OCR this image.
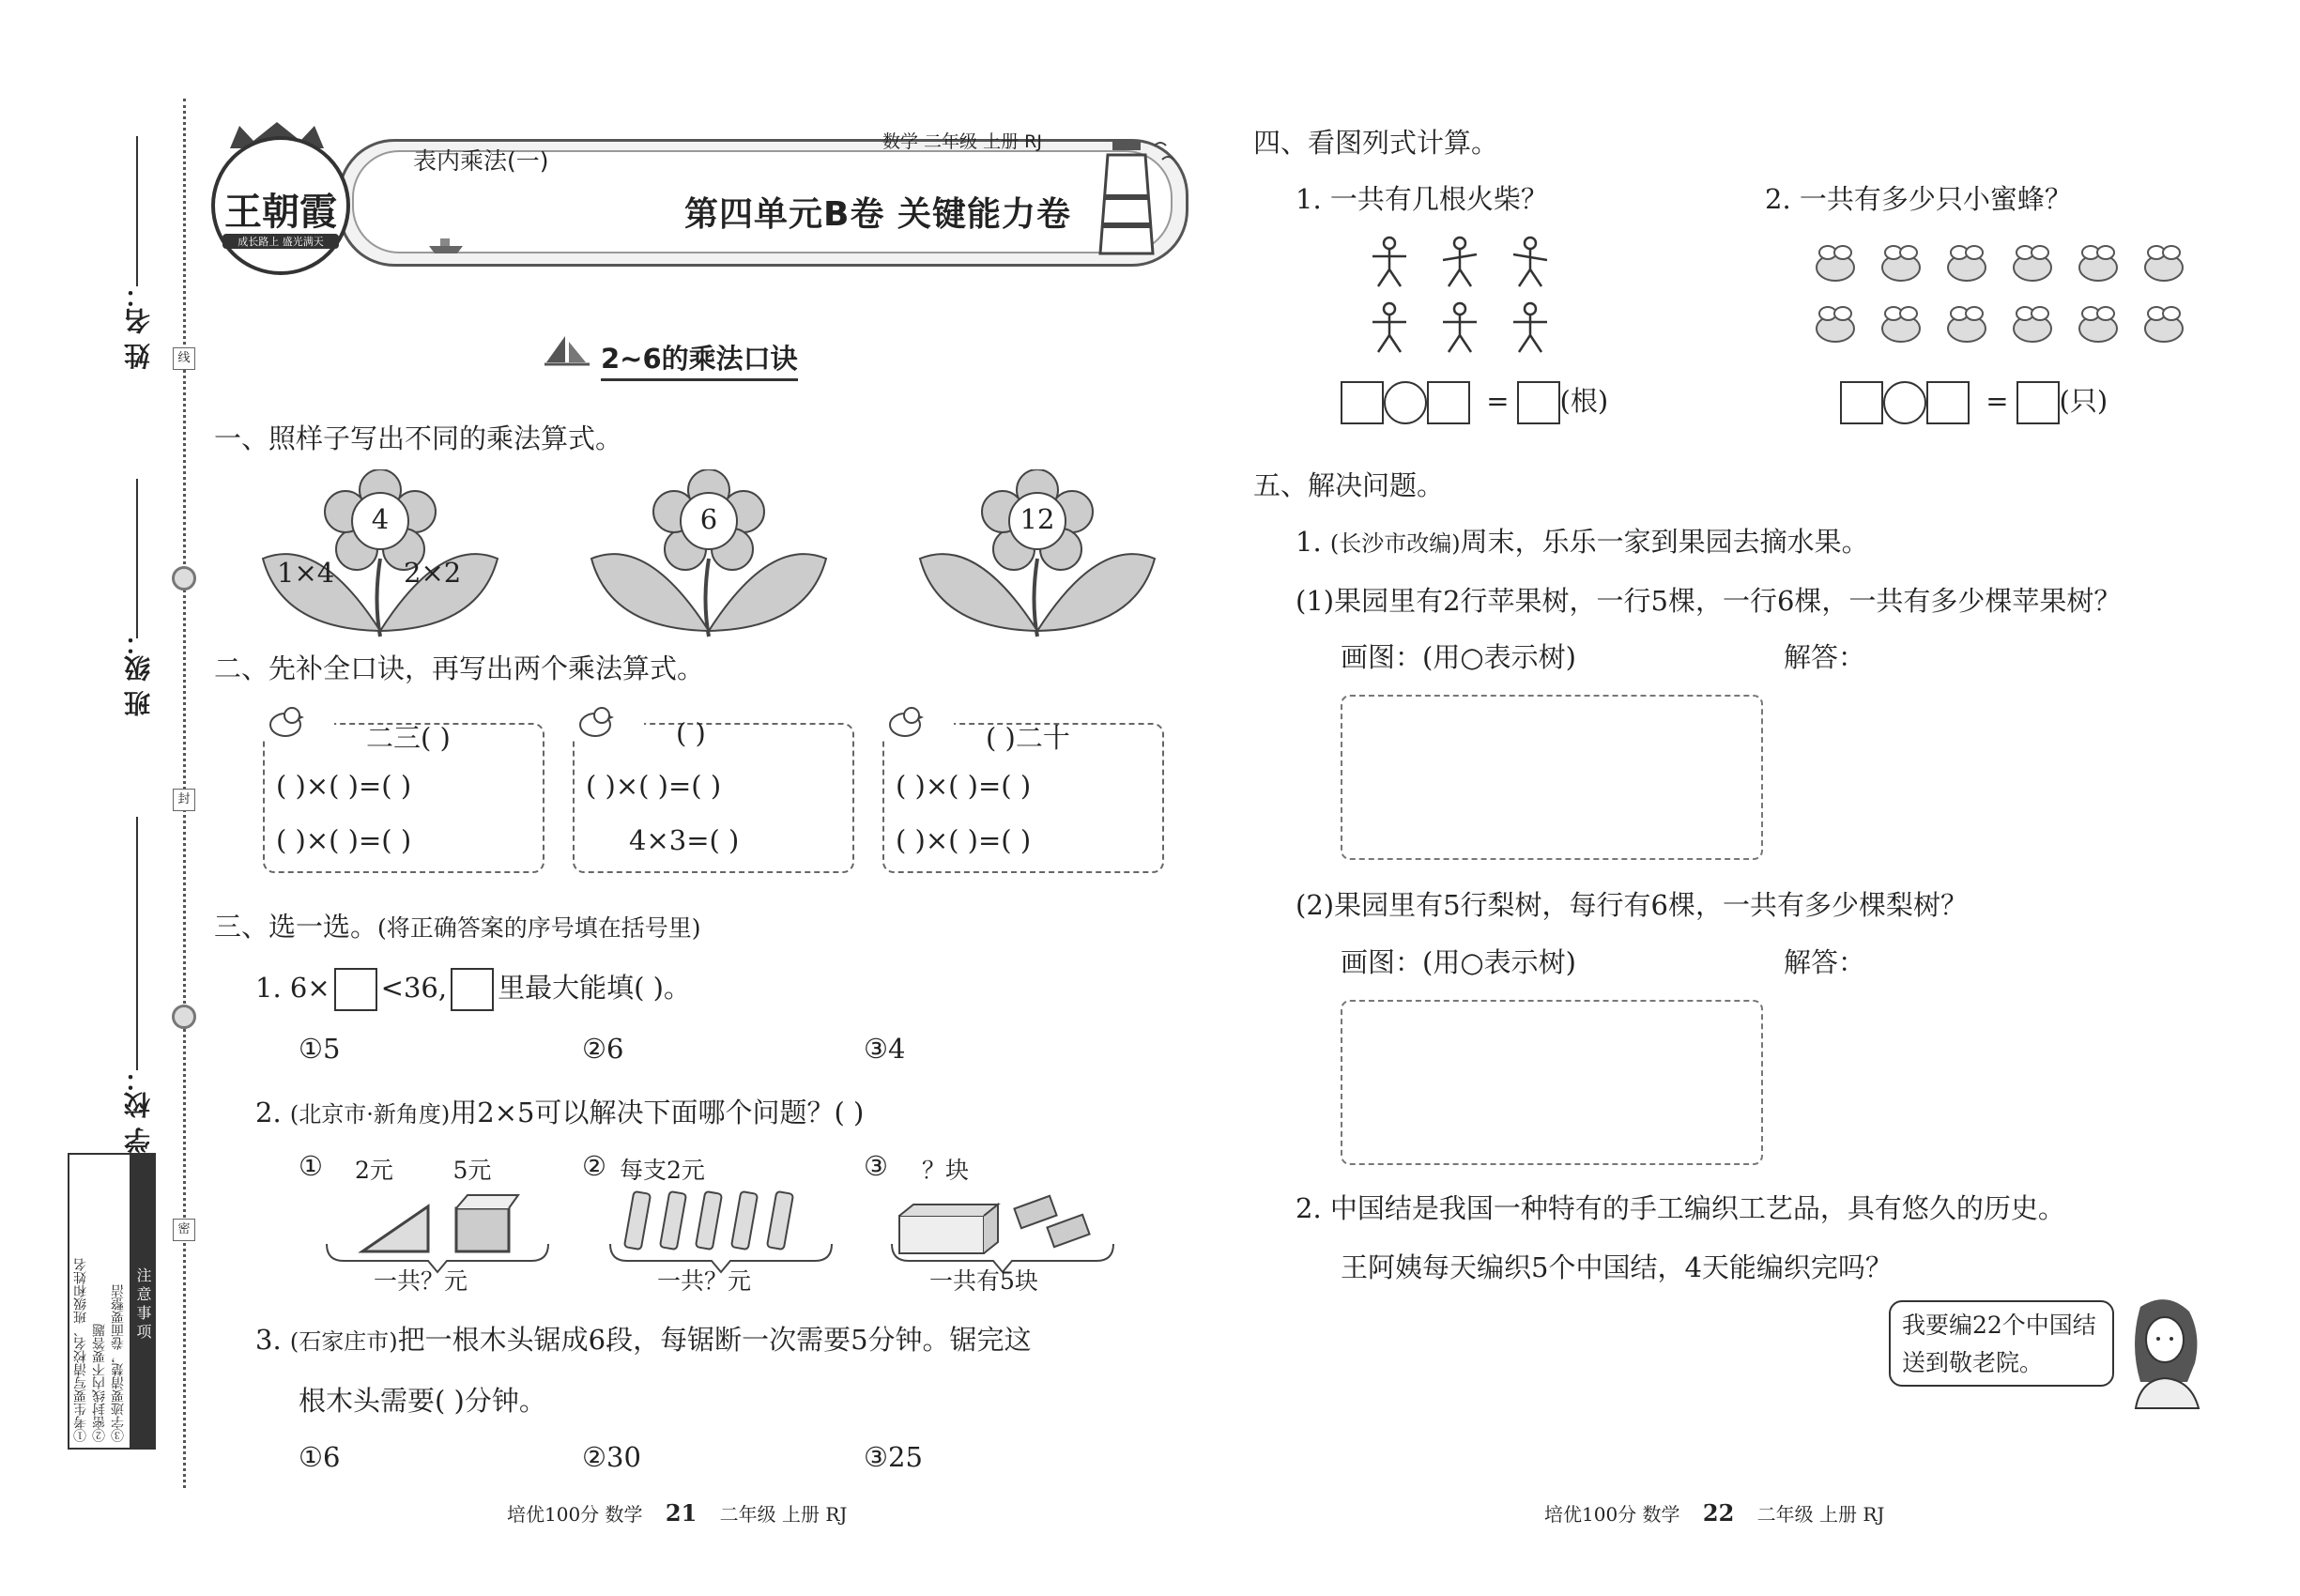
线
封
密
姓 名：
班 级：
学 校：
注意事项
①考生要写清校名、班级和姓名 ②密封线内不要答题 ③字迹要清楚，卷面要整洁
王朝霞
成长路上 盛光满天
表内乘法(一)
数学 二年级 上册 RJ
第四单元B卷 关键能力卷
2~6的乘法口诀
一、照样子写出不同的乘法算式。
4
1×4	2×2
6	12
二、先补全口诀，再写出两个乘法算式。
二三( )
( )×( )=( )
( )×( )=( )
( )
( )×( )=( )
4×3=( )
( )二十
( )×( )=( )
( )×( )=( )
三、选一选。(将正确答案的序号填在括号里)
1. 6× <36, 里最大能填( )。
①5	②6	③4
2. (北京市·新角度)用2×5可以解决下面哪个问题？( )
① 2元        5元
一共？元
② 每支2元
一共？元
③ ？块
一共有5块
3. (石家庄市)把一根木头锯成6段，每锯断一次需要5分钟。锯完这
根木头需要( )分钟。
①6	②30	③25
培优100分 数学 21 二年级 上册 RJ
四、看图列式计算。
1. 一共有几根火柴？	2. 一共有多少只小蜜蜂？
= (根)	= (只)
五、解决问题。
1. (长沙市改编)周末，乐乐一家到果园去摘水果。
(1)果园里有2行苹果树，一行5棵，一行6棵，一共有多少棵苹果树？
画图：(用○表示树)	解答：
(2)果园里有5行梨树，每行有6棵，一共有多少棵梨树？
画图：(用○表示树)	解答：
2. 中国结是我国一种特有的手工编织工艺品，具有悠久的历史。
王阿姨每天编织5个中国结，4天能编织完吗？
我要编22个中国结送到敬老院。
培优100分 数学 22 二年级 上册 RJ
